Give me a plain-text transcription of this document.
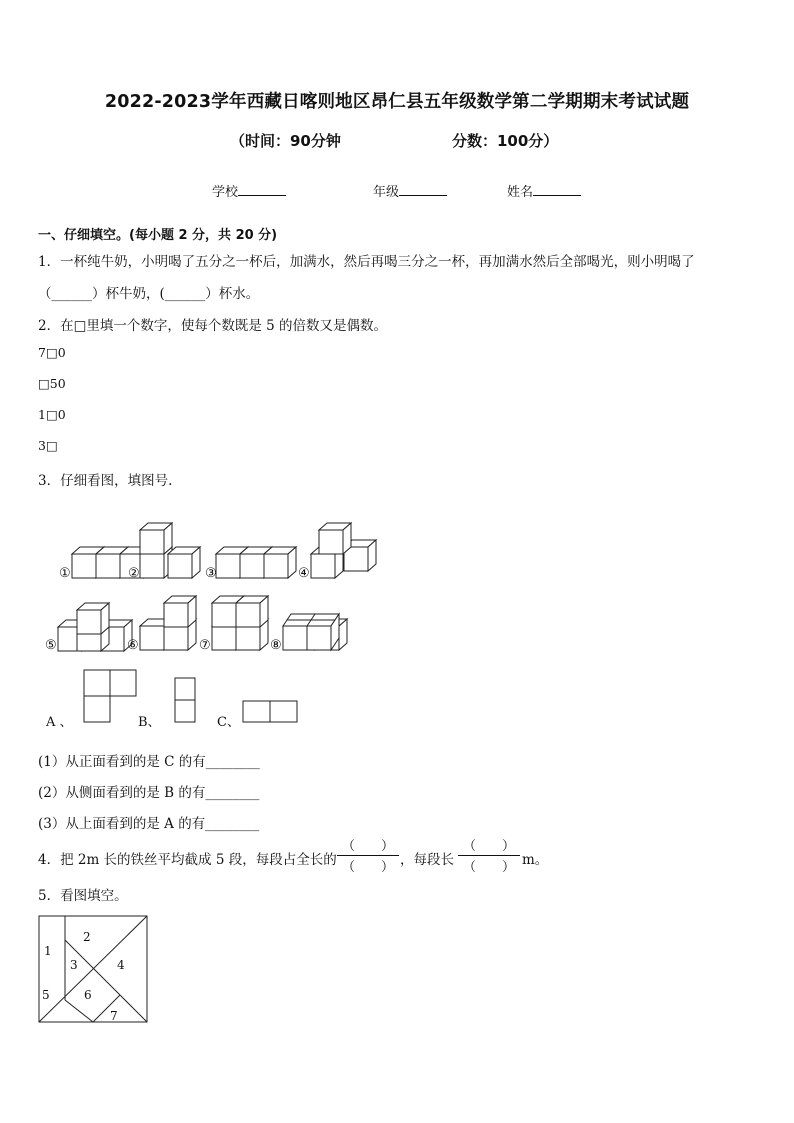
2022-2023学年西藏日喀则地区昂仁县五年级数学第二学期期末考试试题
（时间：90分钟	分数：100分）
学校	年级	姓名
一、仔细填空。(每小题 2 分，共 20 分)
1．一杯纯牛奶，小明喝了五分之一杯后，加满水，然后再喝三分之一杯，再加满水然后全部喝光，则小明喝了
（______）杯牛奶，(______）杯水。
2．在□里填一个数字，使每个数既是 5 的倍数又是偶数。
7□0
□50
1□0
3□
3．仔细看图，填图号.
①	②	③	④
⑤	⑥	⑦	⑧
A 、	B、	C、
(1）从正面看到的是 C 的有________
(2）从侧面看到的是 B 的有________
(3）从上面看到的是 A 的有________
4．把 2m 长的铁丝平均截成 5 段，每段占全长的
（　　）
（　　） ，每段长
（　　）
（　　） m。
5．看图填空。
1
2
3	4
5	6
7
